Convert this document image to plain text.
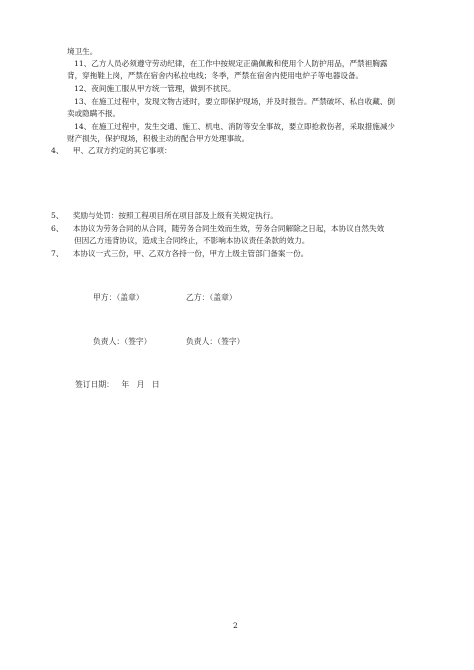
境卫生。
11、乙方人员必须遵守劳动纪律，在工作中按规定正确佩戴和使用个人防护用品，严禁袒胸露
背，穿拖鞋上岗，严禁在宿舍内私拉电线；冬季，严禁在宿舍内使用电炉子等电器设备。
12、夜间施工服从甲方统一管理，做到不扰民。
13、在施工过程中，发现文物古迹时，要立即保护现场，并及时报告。严禁破坏、私自收藏、倒
卖或隐瞒不报。
14、在施工过程中，发生交通、施工、机电、消防等安全事故，要立即抢救伤者，采取措施减少
财产损失，保护现场，积极主动的配合甲方处理事故。
4、 甲、乙双方约定的其它事项：
5、 奖励与处罚：按照工程项目所在项目部及上级有关规定执行。
6、 本协议为劳务合同的从合同，随劳务合同生效而生效，劳务合同解除之日起，本协议自然失效
但因乙方违背协议，造成主合同终止，不影响本协议责任条款的效力。
7、 本协议一式三份，甲、乙双方各持一份，甲方上级主管部门备案一份。
甲方：（盖章）	乙方：（盖章）
负责人：（签字）	负责人：（签字）
签订日期：   年   月   日
2
